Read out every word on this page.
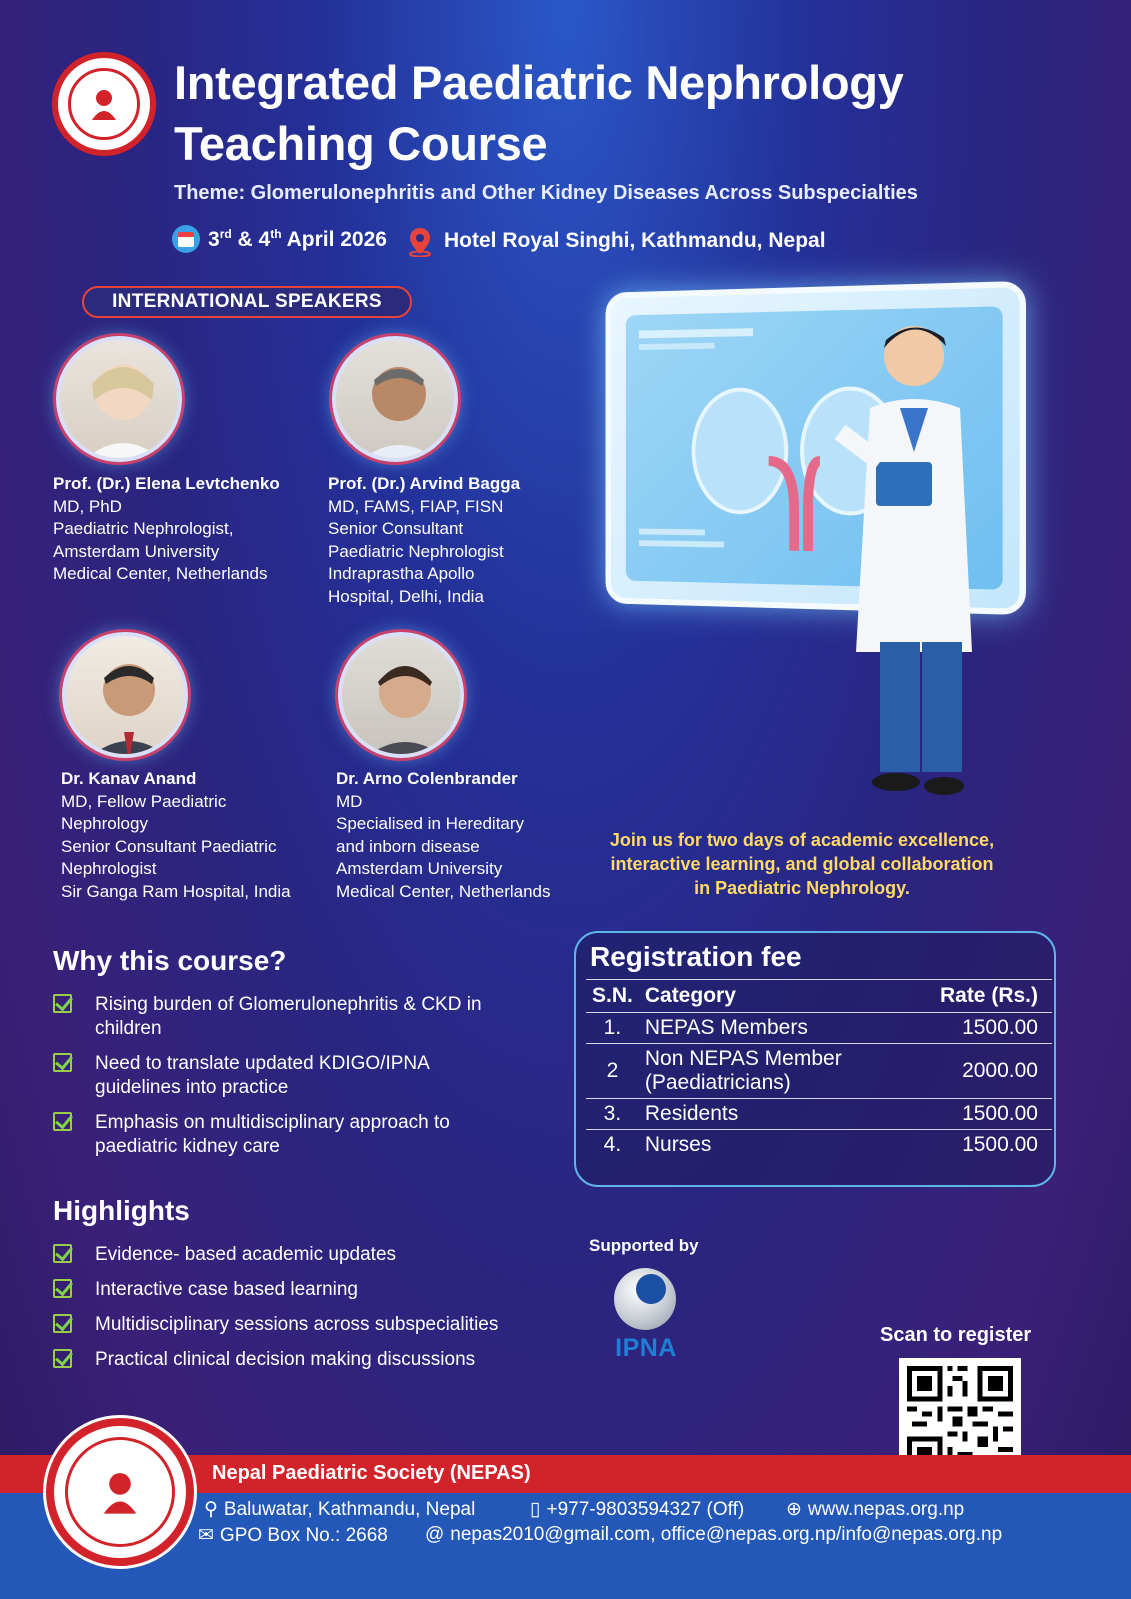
Integrated Paediatric Nephrology
Teaching Course
Theme: Glomerulonephritis and Other Kidney Diseases Across Subspecialties
3rd & 4th April 2026	Hotel Royal Singhi, Kathmandu, Nepal
INTERNATIONAL SPEAKERS
Prof. (Dr.) Elena Levtchenko
MD, PhD
Paediatric Nephrologist,
Amsterdam University
Medical Center, Netherlands
Prof. (Dr.) Arvind Bagga
MD, FAMS, FIAP, FISN
Senior Consultant
Paediatric Nephrologist
Indraprastha Apollo
Hospital, Delhi, India
Dr. Kanav Anand
MD, Fellow Paediatric
Nephrology
Senior Consultant Paediatric
Nephrologist
Sir Ganga Ram Hospital, India
Dr. Arno Colenbrander
MD
Specialised in Hereditary
and inborn disease
Amsterdam University
Medical Center, Netherlands
Join us for two days of academic excellence,
interactive learning, and global collaboration
in Paediatric Nephrology.
Why this course?
Rising burden of Glomerulonephritis & CKD in
children
Need to translate updated KDIGO/IPNA
guidelines into practice
Emphasis on multidisciplinary approach to
paediatric kidney care
Highlights
Evidence- based academic updates
Interactive case based learning
Multidisciplinary sessions across subspecialities
Practical clinical decision making discussions
Registration fee
S.N.	Category	Rate (Rs.)
1.	NEPAS Members	1500.00
2	Non NEPAS Member
(Paediatricians)	2000.00
3.	Residents	1500.00
4.	Nurses	1500.00
Supported by
IPNA	Scan to register
Nepal Paediatric Society (NEPAS)
⚲ Baluwatar, Kathmandu, Nepal	▯ +977-9803594327 (Off) ⊕ www.nepas.org.np
✉ GPO Box No.: 2668 @ nepas2010@gmail.com, office@nepas.org.np/info@nepas.org.np
